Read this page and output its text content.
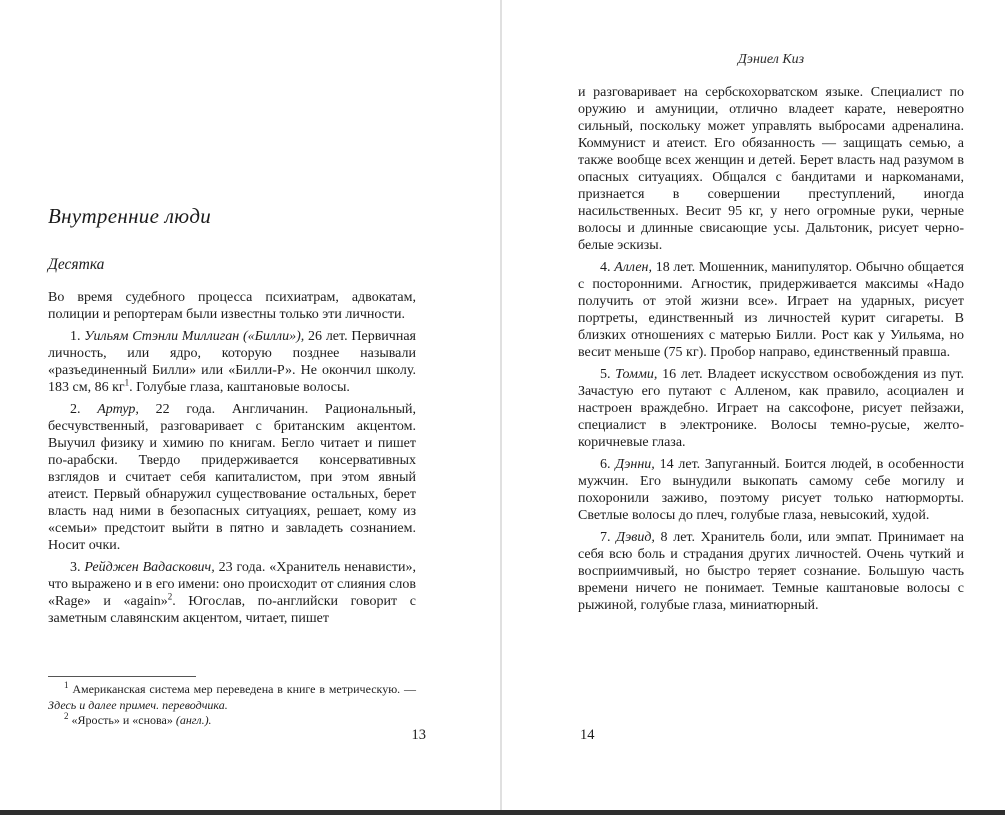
Внутренние люди
Десятка

Во время судебного процесса психиатрам, адвокатам, полиции и репортерам были известны только эти личности.

1. Уильям Стэнли Миллиган («Билли»), 26 лет. Первичная личность, или ядро, которую позднее называли «разъединенный Билли» или «Билли-Р». Не окончил школу. 183 см, 86 $кг^1$. Голубые глаза, каштановые волосы.

2. Артур, 22 года. Англичанин. Рациональный, бесчувственный, разговаривает с британским акцентом. Выучил физику и химию по книгам. Бегло читает и пишет по-арабски. Твердо придерживается консервативных взглядов и считает себя капиталистом, при этом явный атеист. Первый обнаружил существование остальных, берет власть над ними в безопасных ситуациях, решает, кому из «семьи» предстоит выйти в пятно и завладеть сознанием. Носит очки.

3. Рейджен Вадаскович, 23 года. «Хранитель ненависти», что выражено и в его имени: оно происходит от слияния слов «Rage» и «again»$^2$. Югослав, по-английски говорит с заметным славянским акцентом, читает, пишет

$^1$ Американская система мер переведена в книге в метрическую. — Здесь и далее примеч. переводчика.

$^2$ «Ярость» и «снова» (англ.).

13
Дэниел Киз

и разговаривает на сербскохорватском языке. Специалист по оружию и амуниции, отлично владеет карате, невероятно сильный, поскольку может управлять выбросами адреналина. Коммунист и атеист. Его обязанность — защищать семью, а также вообще всех женщин и детей. Берет власть над разумом в опасных ситуациях. Общался с бандитами и наркоманами, признается в совершении преступлений, иногда насильственных. Весит 95 кг, у него огромные руки, черные волосы и длинные свисающие усы. Дальтоник, рисует черно-белые эскизы.

4. Аллен, 18 лет. Мошенник, манипулятор. Обычно общается с посторонними. Агностик, придерживается максимы «Надо получить от этой жизни все». Играет на ударных, рисует портреты, единственный из личностей курит сигареты. В близких отношениях с матерью Билли. Рост как у Уильяма, но весит меньше (75 кг). Пробор направо, единственный правша.

5. Томми, 16 лет. Владеет искусством освобождения из пут. Зачастую его путают с Алленом, как правило, асоциален и настроен враждебно. Играет на саксофоне, рисует пейзажи, специалист в электронике. Волосы темно-русые, желто-коричневые глаза.

6. Дэнни, 14 лет. Запуганный. Боится людей, в особенности мужчин. Его вынудили выкопать самому себе могилу и похоронили заживо, поэтому рисует только натюрморты. Светлые волосы до плеч, голубые глаза, невысокий, худой.

7. Дэвид, 8 лет. Хранитель боли, или эмпат. Принимает на себя всю боль и страдания других личностей. Очень чуткий и восприимчивый, но быстро теряет сознание. Большую часть времени ничего не понимает. Темные каштановые волосы с рыжиной, голубые глаза, миниатюрный.

14
